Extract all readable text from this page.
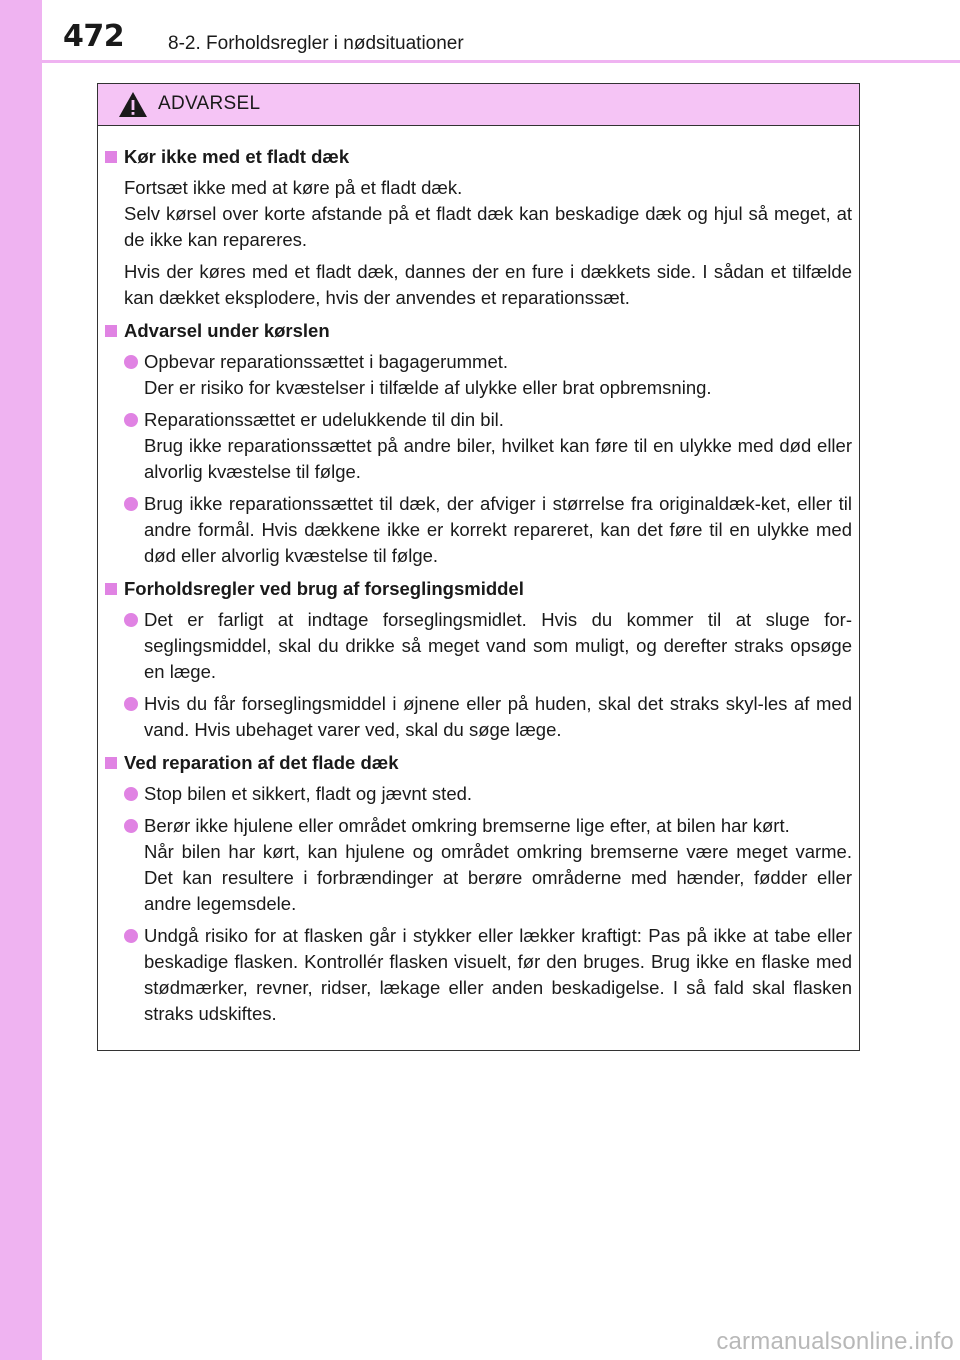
472 8-2. Forholdsregler i nødsituationer
ADVARSEL
Kør ikke med et fladt dæk
Fortsæt ikke med at køre på et fladt dæk.
Selv kørsel over korte afstande på et fladt dæk kan beskadige dæk og hjul så meget, at de ikke kan repareres.
Hvis der køres med et fladt dæk, dannes der en fure i dækkets side. I sådan et tilfælde kan dækket eksplodere, hvis der anvendes et reparationssæt.
Advarsel under kørslen
Opbevar reparationssættet i bagagerummet.
Der er risiko for kvæstelser i tilfælde af ulykke eller brat opbremsning.
Reparationssættet er udelukkende til din bil.
Brug ikke reparationssættet på andre biler, hvilket kan føre til en ulykke med død eller alvorlig kvæstelse til følge.
Brug ikke reparationssættet til dæk, der afviger i størrelse fra originaldæk-ket, eller til andre formål. Hvis dækkene ikke er korrekt repareret, kan det føre til en ulykke med død eller alvorlig kvæstelse til følge.
Forholdsregler ved brug af forseglingsmiddel
Det er farligt at indtage forseglingsmidlet. Hvis du kommer til at sluge for-seglingsmiddel, skal du drikke så meget vand som muligt, og derefter straks opsøge en læge.
Hvis du får forseglingsmiddel i øjnene eller på huden, skal det straks skyl-les af med vand. Hvis ubehaget varer ved, skal du søge læge.
Ved reparation af det flade dæk
Stop bilen et sikkert, fladt og jævnt sted.
Berør ikke hjulene eller området omkring bremserne lige efter, at bilen har kørt.
Når bilen har kørt, kan hjulene og området omkring bremserne være meget varme. Det kan resultere i forbrændinger at berøre områderne med hænder, fødder eller andre legemsdele.
Undgå risiko for at flasken går i stykker eller lækker kraftigt: Pas på ikke at tabe eller beskadige flasken. Kontrollér flasken visuelt, før den bruges. Brug ikke en flaske med stødmærker, revner, ridser, lækage eller anden beskadigelse. I så fald skal flasken straks udskiftes.
carmanualsonline.info
